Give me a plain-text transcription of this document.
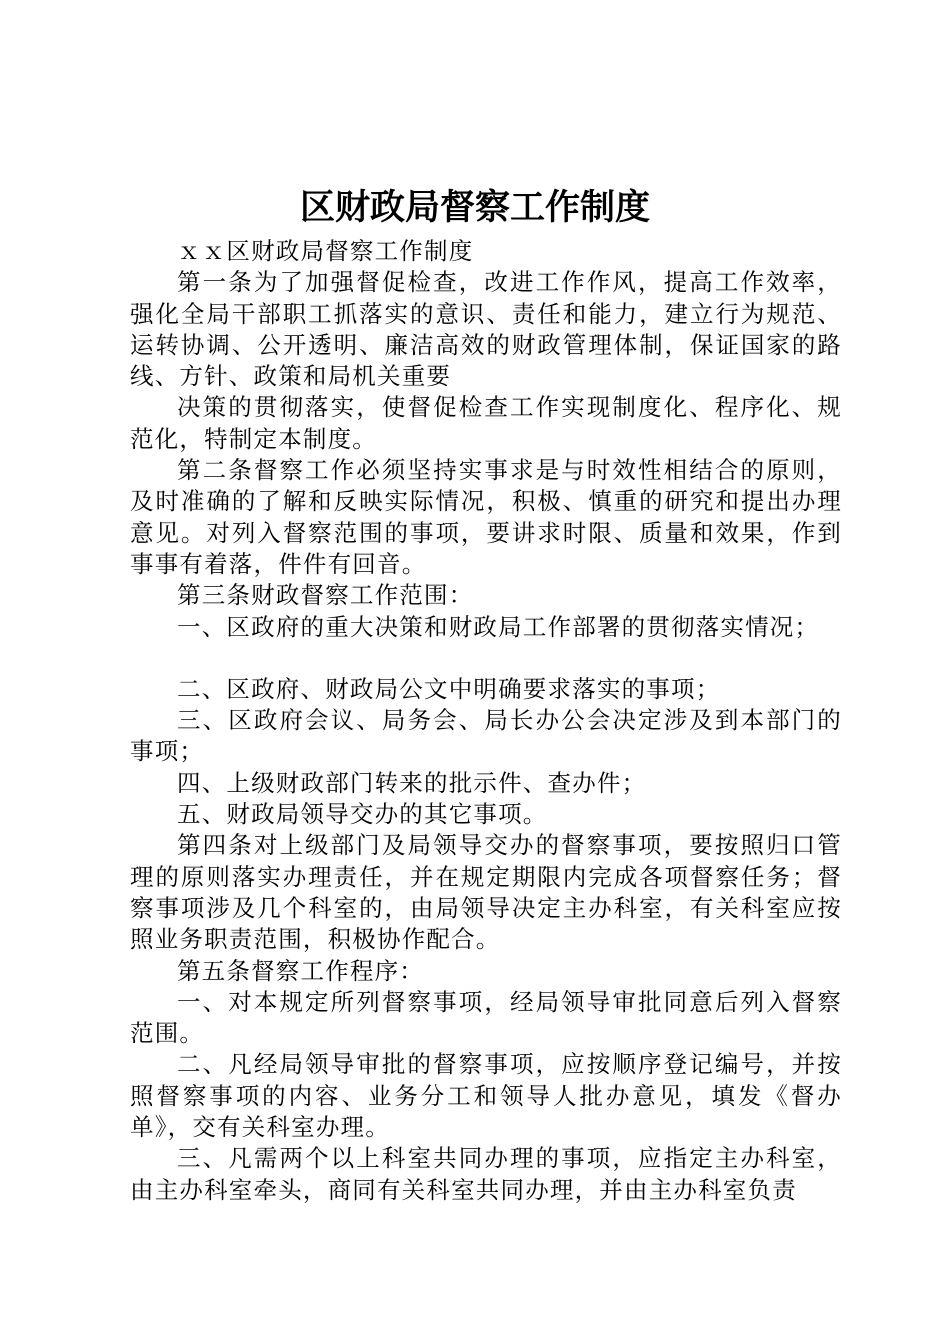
区财政局督察工作制度

ｘｘ区财政局督察工作制度

第一条为了加强督促检查，改进工作作风，提高工作效率，强化全局干部职工抓落实的意识、责任和能力，建立行为规范、运转协调、公开透明、廉洁高效的财政管理体制，保证国家的路线、方针、政策和局机关重要

决策的贯彻落实，使督促检查工作实现制度化、程序化、规范化，特制定本制度。

第二条督察工作必须坚持实事求是与时效性相结合的原则，及时准确的了解和反映实际情况，积极、慎重的研究和提出办理意见。对列入督察范围的事项，要讲求时限、质量和效果，作到事事有着落，件件有回音。

第三条财政督察工作范围：

一、区政府的重大决策和财政局工作部署的贯彻落实情况；

二、区政府、财政局公文中明确要求落实的事项；

三、区政府会议、局务会、局长办公会决定涉及到本部门的事项；

四、上级财政部门转来的批示件、查办件；

五、财政局领导交办的其它事项。

第四条对上级部门及局领导交办的督察事项，要按照归口管理的原则落实办理责任，并在规定期限内完成各项督察任务；督察事项涉及几个科室的，由局领导决定主办科室，有关科室应按照业务职责范围，积极协作配合。

第五条督察工作程序：

一、对本规定所列督察事项，经局领导审批同意后列入督察范围。

二、凡经局领导审批的督察事项，应按顺序登记编号，并按照督察事项的内容、业务分工和领导人批办意见，填发《督办单》，交有关科室办理。

三、凡需两个以上科室共同办理的事项，应指定主办科室，由主办科室牵头，商同有关科室共同办理，并由主办科室负责
